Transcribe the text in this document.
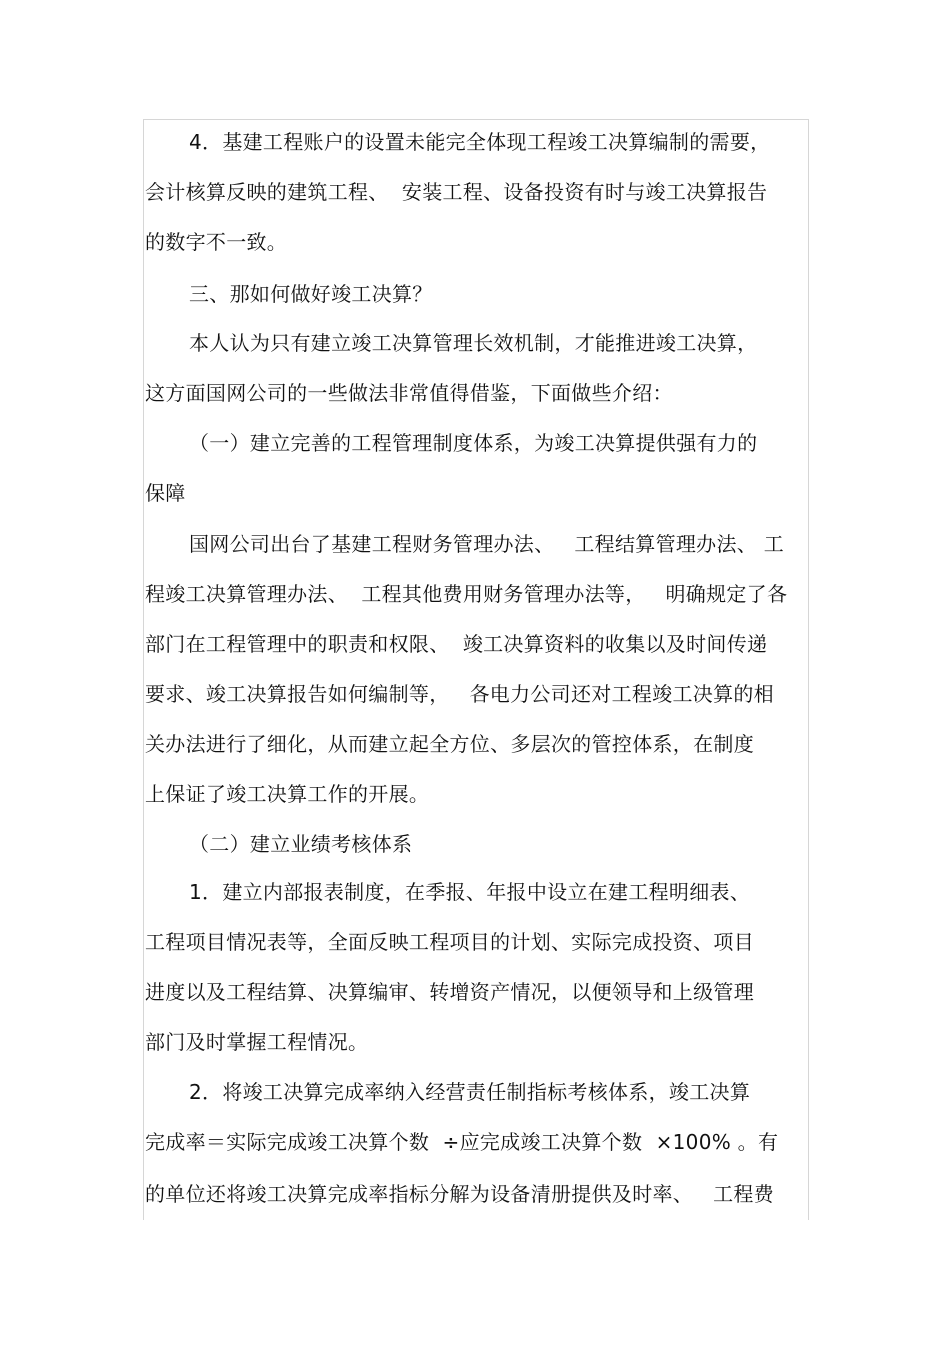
4．基建工程账户的设置未能完全体现工程竣工决算编制的需要，
会计核算反映的建筑工程、  安装工程、设备投资有时与竣工决算报告
的数字不一致。
三、那如何做好竣工决算？
本人认为只有建立竣工决算管理长效机制，才能推进竣工决算，
这方面国网公司的一些做法非常值得借鉴，下面做些介绍：
（一）建立完善的工程管理制度体系，为竣工决算提供强有力的
保障
国网公司出台了基建工程财务管理办法、   工程结算管理办法、 工
程竣工决算管理办法、  工程其他费用财务管理办法等，   明确规定了各
部门在工程管理中的职责和权限、  竣工决算资料的收集以及时间传递
要求、竣工决算报告如何编制等，   各电力公司还对工程竣工决算的相
关办法进行了细化，从而建立起全方位、多层次的管控体系，在制度
上保证了竣工决算工作的开展。
（二）建立业绩考核体系
1．建立内部报表制度，在季报、年报中设立在建工程明细表、
工程项目情况表等，全面反映工程项目的计划、实际完成投资、项目
进度以及工程结算、决算编审、转增资产情况，以便领导和上级管理
部门及时掌握工程情况。
2．将竣工决算完成率纳入经营责任制指标考核体系，竣工决算
完成率＝实际完成竣工决算个数  ÷应完成竣工决算个数  ×100% 。有
的单位还将竣工决算完成率指标分解为设备清册提供及时率、   工程费
